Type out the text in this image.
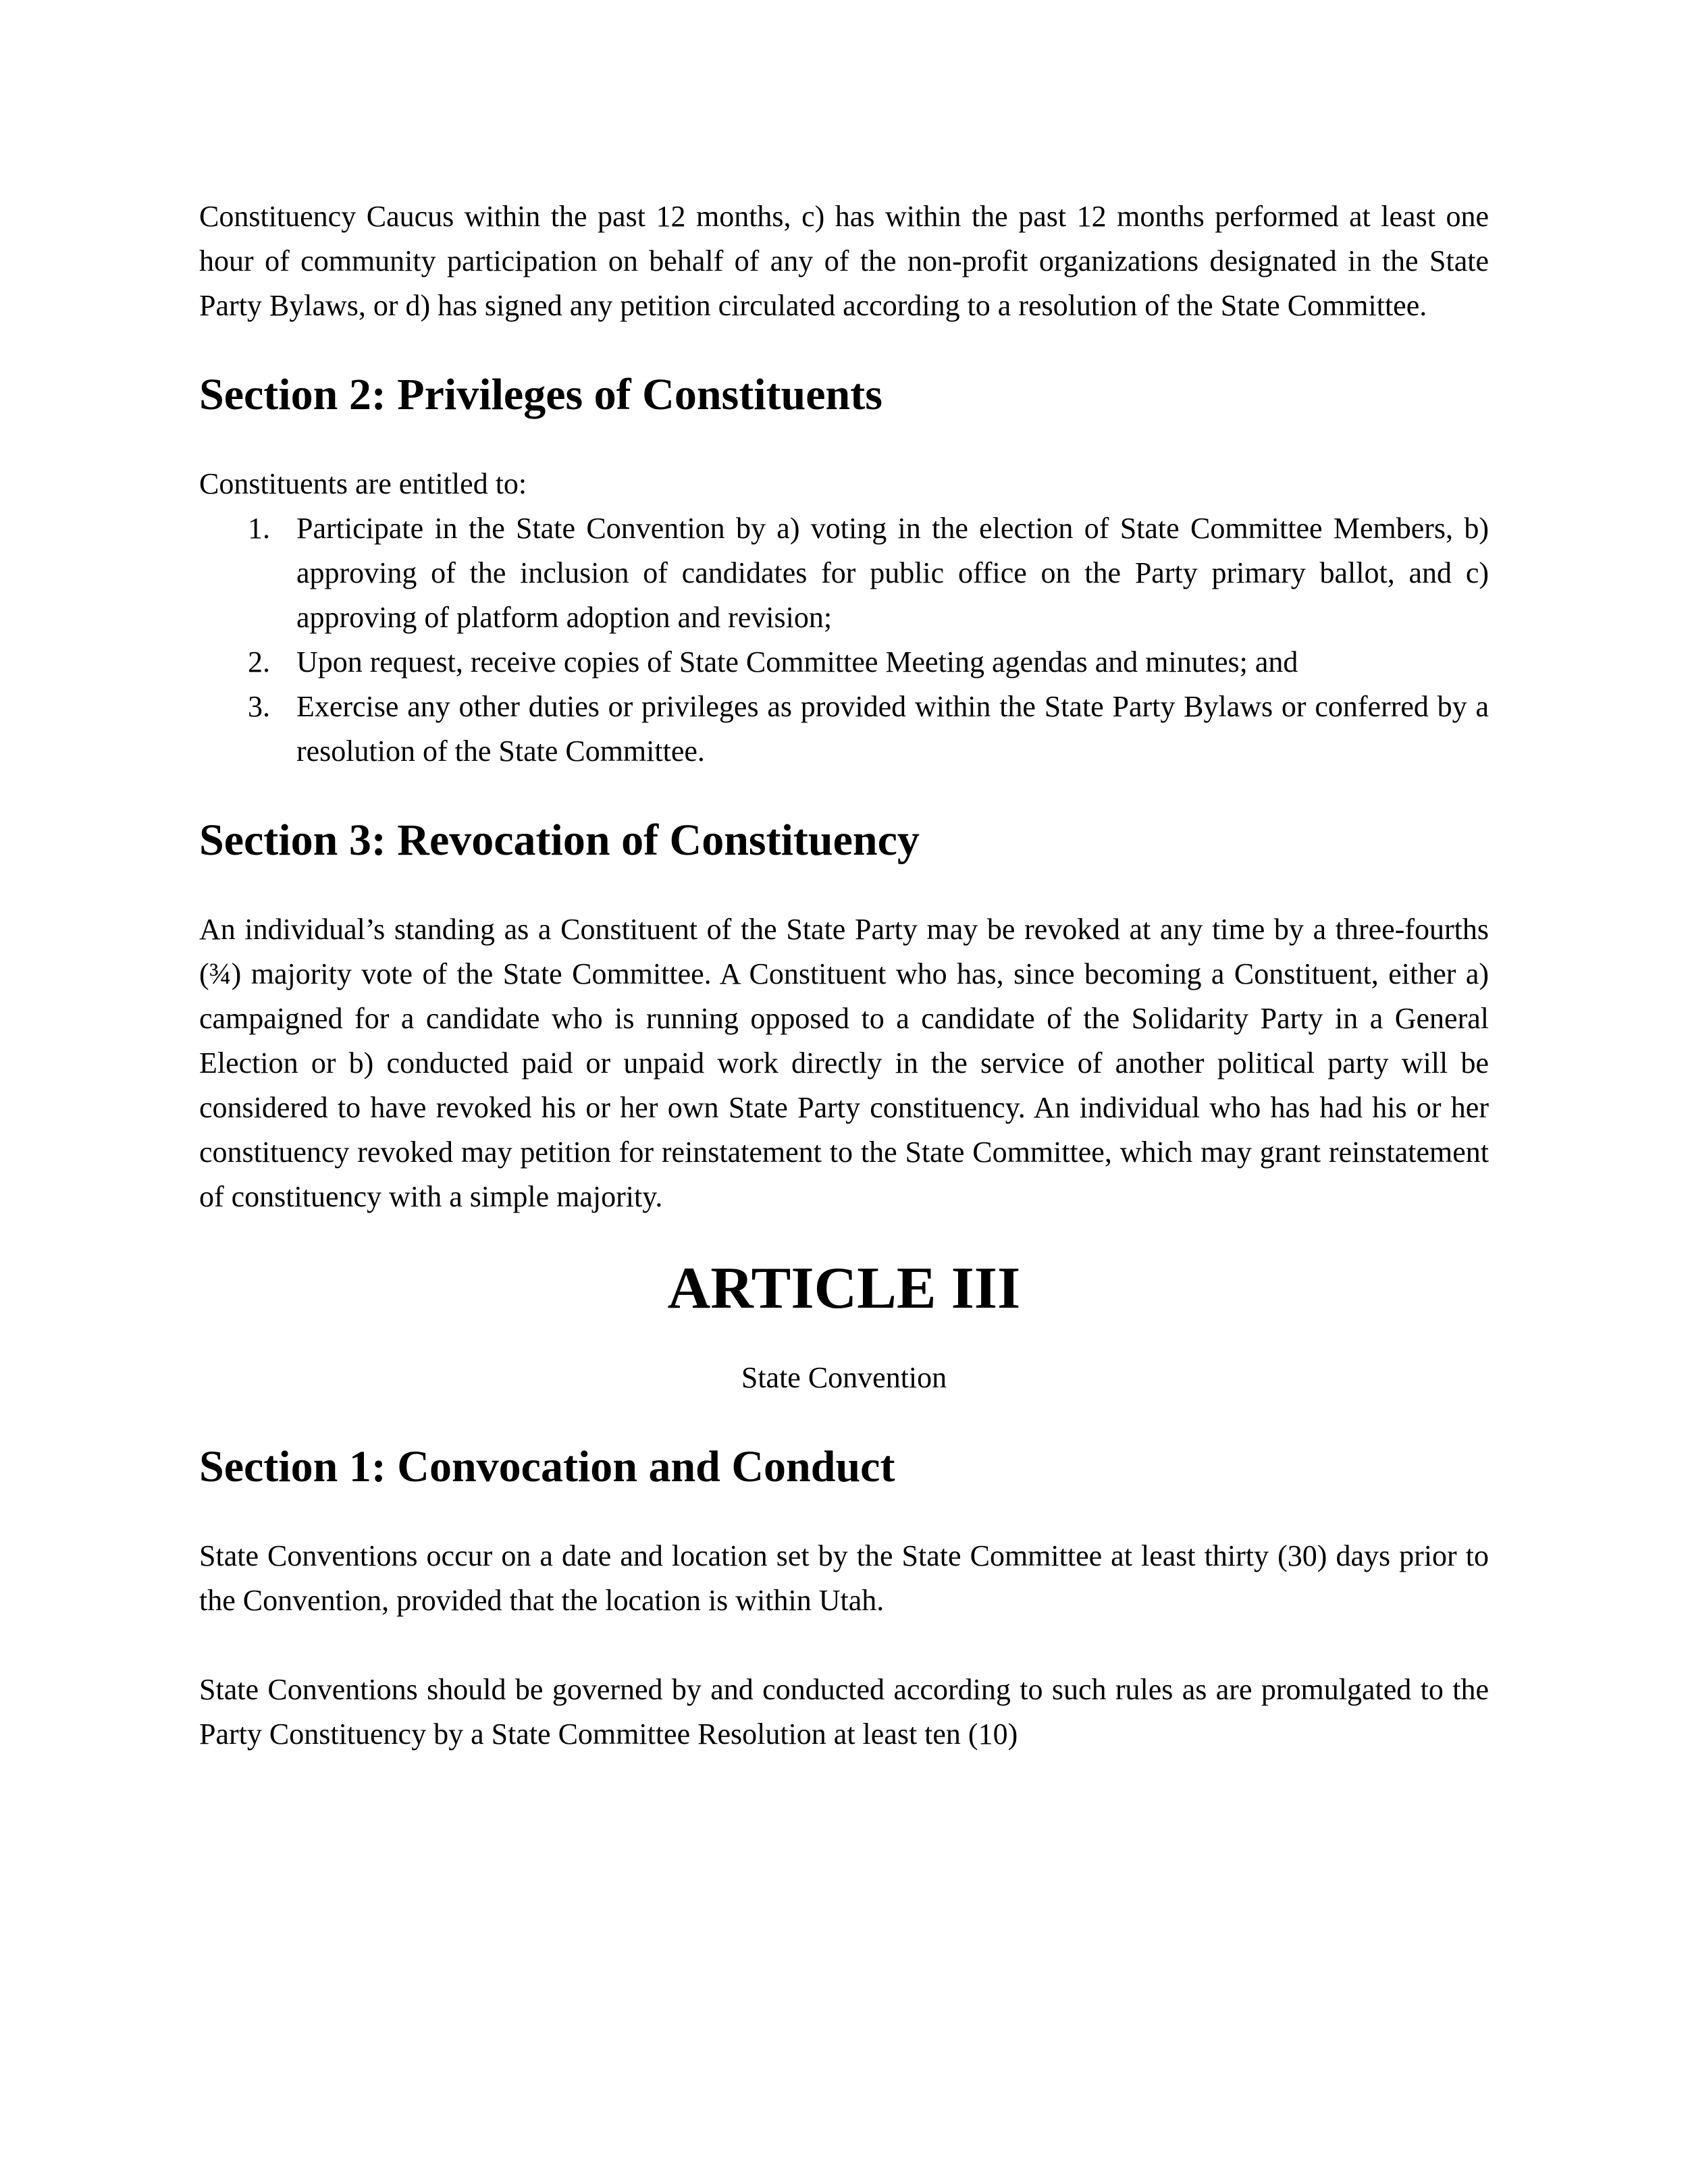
Constituency Caucus within the past 12 months, c) has within the past 12 months performed at least one hour of community participation on behalf of any of the non-profit organizations designated in the State Party Bylaws, or d) has signed any petition circulated according to a resolution of the State Committee.

Section 2: Privileges of Constituents

Constituents are entitled to:

1. Participate in the State Convention by a) voting in the election of State Committee Members, b) approving of the inclusion of candidates for public office on the Party primary ballot, and c) approving of platform adoption and revision;
2. Upon request, receive copies of State Committee Meeting agendas and minutes; and
3. Exercise any other duties or privileges as provided within the State Party Bylaws or conferred by a resolution of the State Committee.
Section 3: Revocation of Constituency

An individual’s standing as a Constituent of the State Party may be revoked at any time by a three-fourths (¾) majority vote of the State Committee. A Constituent who has, since becoming a Constituent, either a) campaigned for a candidate who is running opposed to a candidate of the Solidarity Party in a General Election or b) conducted paid or unpaid work directly in the service of another political party will be considered to have revoked his or her own State Party constituency. An individual who has had his or her constituency revoked may petition for reinstatement to the State Committee, which may grant reinstatement of constituency with a simple majority.

ARTICLE III

State Convention

Section 1: Convocation and Conduct

State Conventions occur on a date and location set by the State Committee at least thirty (30) days prior to the Convention, provided that the location is within Utah.

State Conventions should be governed by and conducted according to such rules as are promulgated to the Party Constituency by a State Committee Resolution at least ten (10)
